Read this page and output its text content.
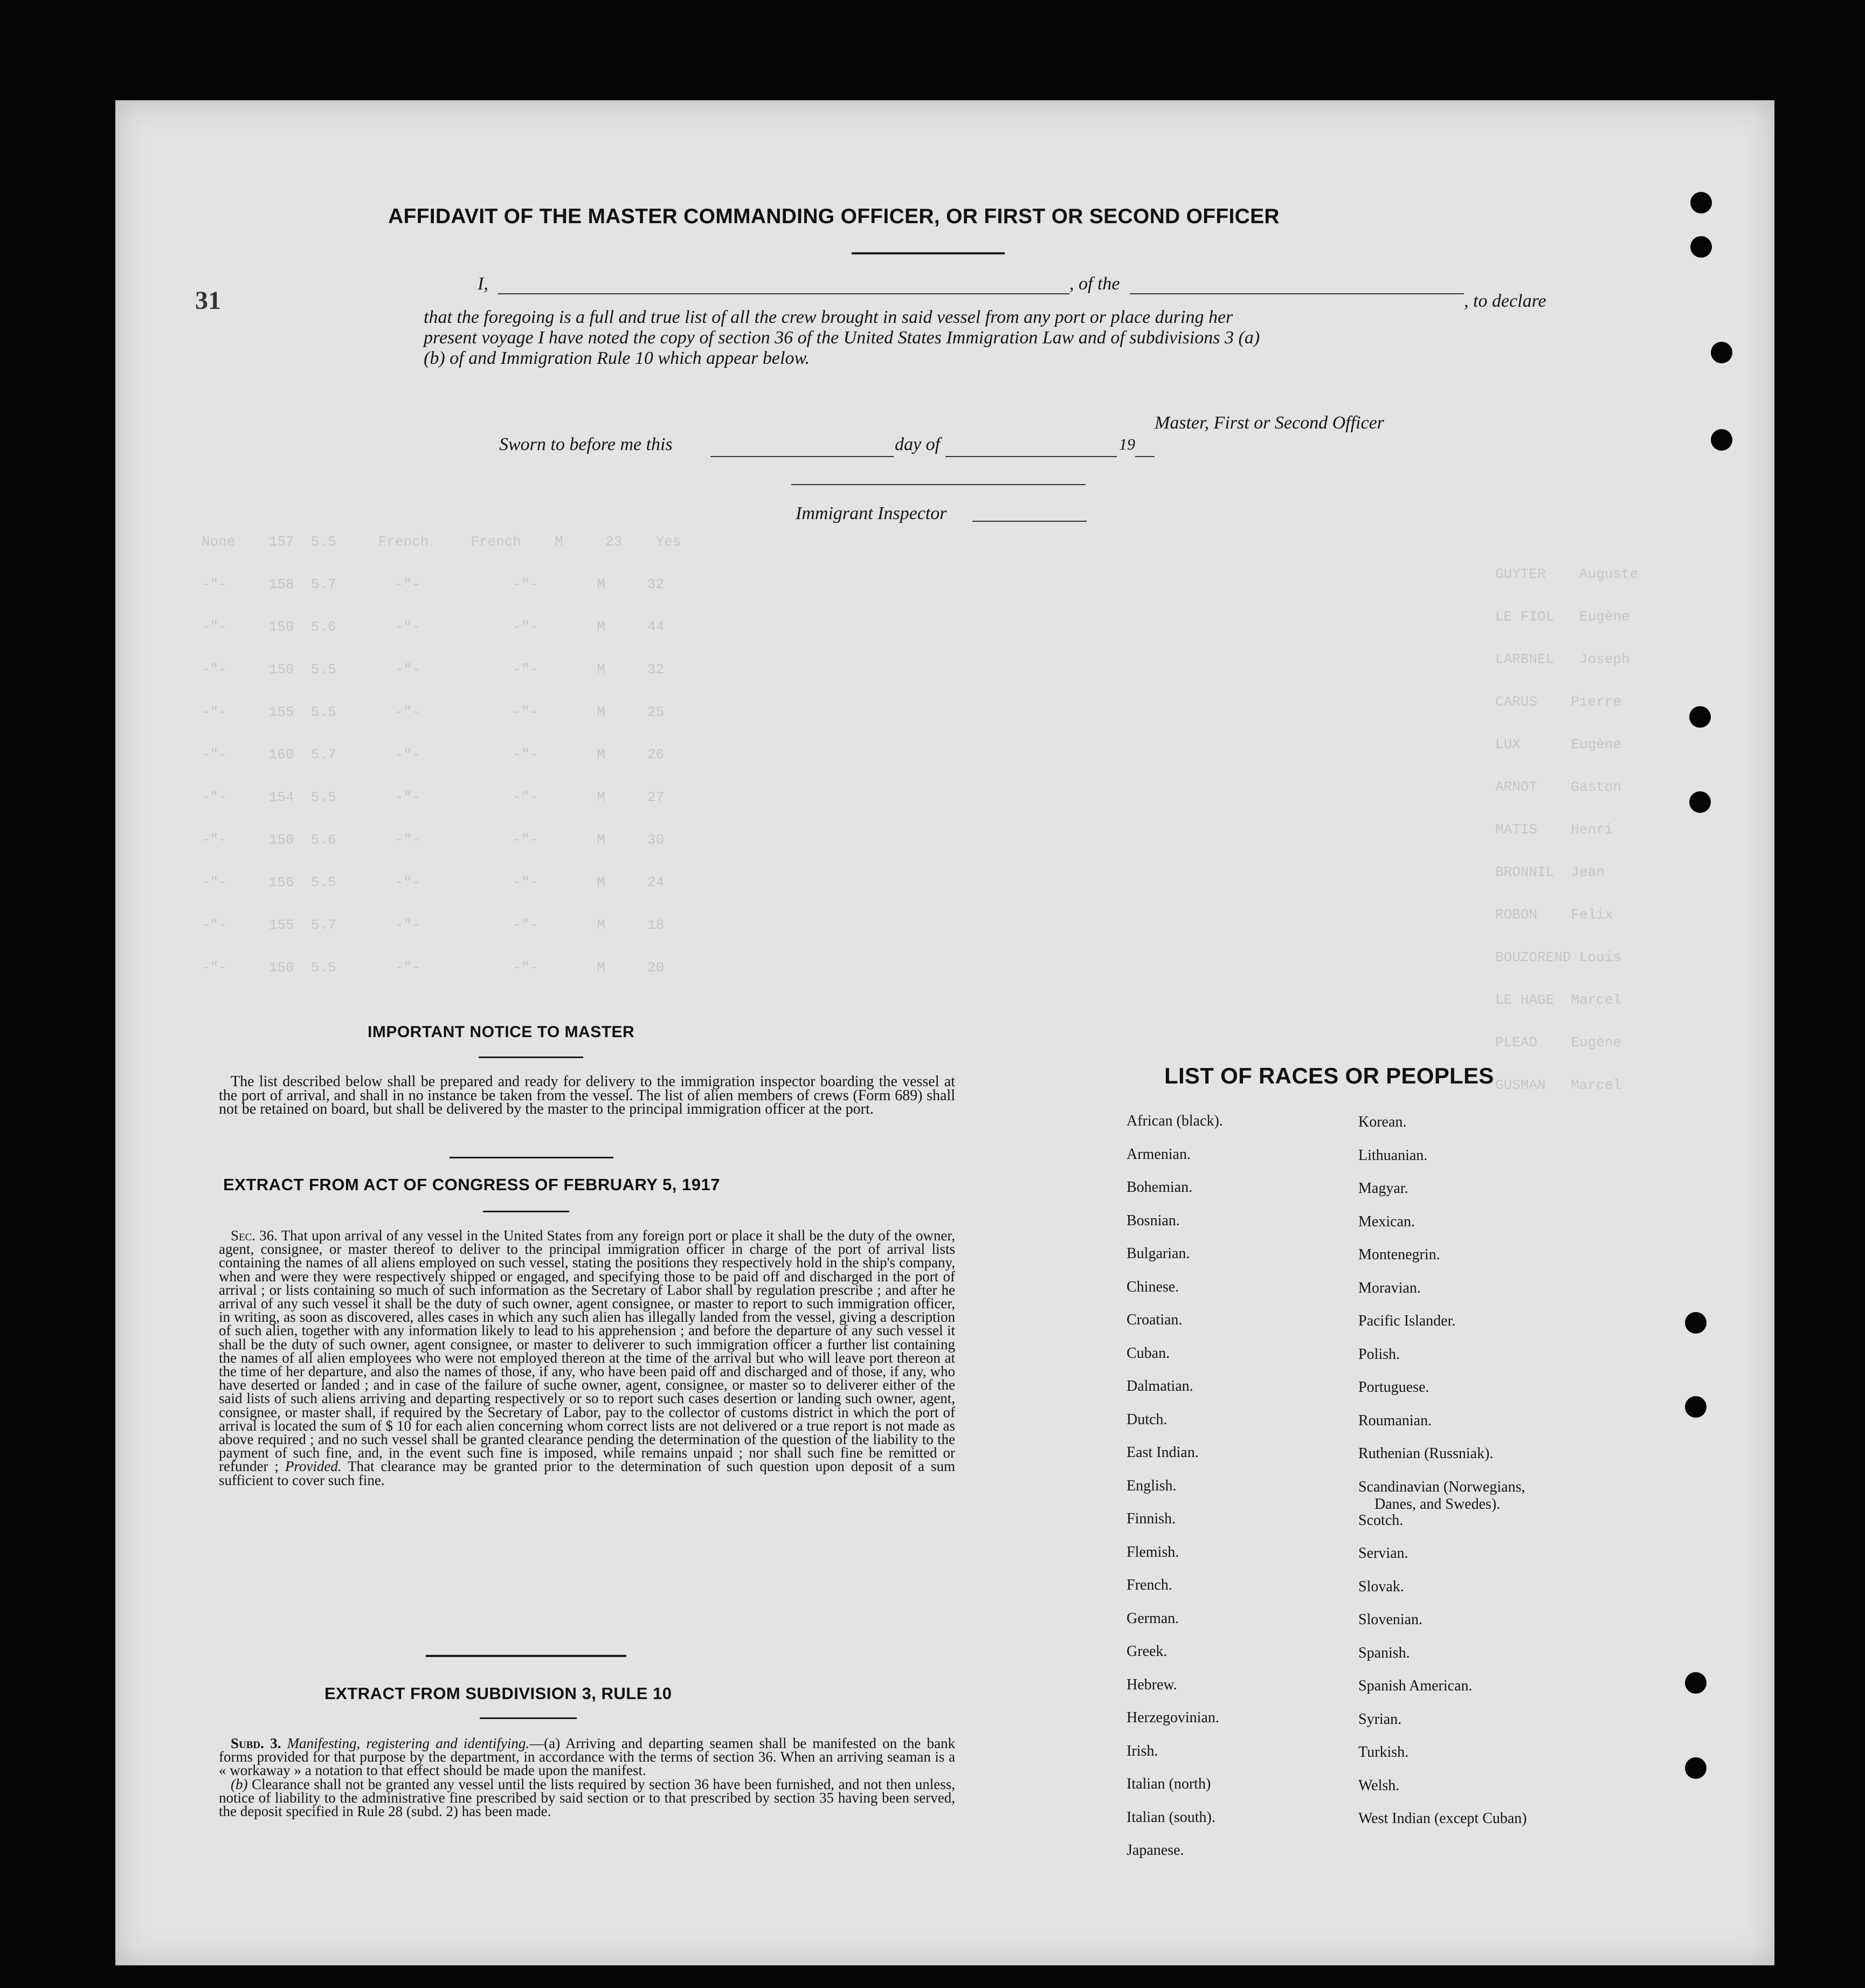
GUYTER    Auguste
LE FIOL   Eugène
LARBNEL   Joseph
CARUS    Pierre
LUX      Eugène
ARNOT    Gaston
MATIS    Henri
BRONNIL  Jean
ROBON    Felix
BOUZOREND Louis
LE HAGE  Marcel
PLEAD    Eugène
GUSMAN   Marcel
None    157  5.5     French     French    M     23    Yes
-"-     158  5.7       -"-           -"-       M     32
-"-     150  5.6       -"-           -"-       M     44
-"-     150  5.5       -"-           -"-       M     32
-"-     155  5.5       -"-           -"-       M     25
-"-     160  5.7       -"-           -"-       M     26
-"-     154  5.5       -"-           -"-       M     27
-"-     150  5.6       -"-           -"-       M     30
-"-     156  5.5       -"-           -"-       M     24
-"-     155  5.7       -"-           -"-       M     18
-"-     150  5.5       -"-           -"-       M     20
AFFIDAVIT OF THE MASTER COMMANDING OFFICER, OR FIRST OR SECOND OFFICER
31
I,	, of the
, to declare
that the foregoing is a full and true list of all the crew brought in said vessel from any port or place during her
present voyage I have noted the copy of section 36 of the United States Immigration Law and of subdivisions 3 (a)
(b) of and Immigration Rule 10 which appear below.
Master, First or Second Officer
Sworn to before me this	day of	19
Immigrant Inspector
IMPORTANT NOTICE TO MASTER
The list described below shall be prepared and ready for delivery to the immigration inspector boarding the vessel at the port of arrival, and shall in no instance be taken from the vessel. The list of alien members of crews (Form 689) shall not be retained on board, but shall be delivered by the master to the principal immigration officer at the port.
EXTRACT FROM ACT OF CONGRESS OF FEBRUARY 5, 1917

Sec. 36. That upon arrival of any vessel in the United States from any foreign port or place it shall be the duty of the owner, agent, consignee, or master thereof to deliver to the principal immigration officer in charge of the port of arrival lists containing the names of all aliens employed on such vessel, stating the positions they respectively hold in the ship's company, when and were they were respectively shipped or engaged, and specifying those to be paid off and discharged in the port of arrival ; or lists containing so much of such information as the Secretary of Labor shall by regulation prescribe ; and after he arrival of any such vessel it shall be the duty of such owner, agent consignee, or master to report to such immigration officer, in writing, as soon as discovered, alles cases in which any such alien has illegally landed from the vessel, giving a description of such alien, together with any information likely to lead to his apprehension ; and before the departure of any such vessel it shall be the duty of such owner, agent consignee, or master to deliverer to such immigration officer a further list containing the names of all alien employees who were not employed thereon at the time of the arrival but who will leave port thereon at the time of her departure, and also the names of those, if any, who have been paid off and discharged and of those, if any, who have deserted or landed ; and in case of the failure of suche owner, agent, consignee, or master so to deliverer either of the said lists of such aliens arriving and departing respectively or so to report such cases desertion or landing such owner, agent, consignee, or master shall, if required by the Secretary of Labor, pay to the collector of customs district in which the port of arrival is located the sum of $ 10 for each alien concerning whom correct lists are not delivered or a true report is not made as above required ; and no such vessel shall be granted clearance pending the determination of the question of the liability to the payment of such fine, and, in the event such fine is imposed, while remains unpaid ; nor shall such fine be remitted or refunder ; Provided. That clearance may be granted prior to the determination of such question upon deposit of a sum sufficient to cover such fine.

EXTRACT FROM SUBDIVISION 3, RULE 10

Subd. 3. Manifesting, registering and identifying.—(a) Arriving and departing seamen shall be manifested on the bank forms provided for that purpose by the department, in accordance with the terms of section 36. When an arriving seaman is a « workaway » a notation to that effect should be made upon the manifest.

(b) Clearance shall not be granted any vessel until the lists required by section 36 have been furnished, and not then unless, notice of liability to the administrative fine prescribed by said section or to that prescribed by section 35 having been served, the deposit specified in Rule 28 (subd. 2) has been made.

LIST OF RACES OR PEOPLES
African (black).
Armenian.
Bohemian.
Bosnian.
Bulgarian.
Chinese.
Croatian.
Cuban.
Dalmatian.
Dutch.
East Indian.
English.
Finnish.
Flemish.
French.
German.
Greek.
Hebrew.
Herzegovinian.
Irish.
Italian (north)
Italian (south).
Japanese.
Korean.
Lithuanian.
Magyar.
Mexican.
Montenegrin.
Moravian.
Pacific Islander.
Polish.
Portuguese.
Roumanian.
Ruthenian (Russniak).
Scandinavian (Norwegians,
Danes, and Swedes).
Scotch.
Servian.
Slovak.
Slovenian.
Spanish.
Spanish American.
Syrian.
Turkish.
Welsh.
West Indian (except Cuban)
